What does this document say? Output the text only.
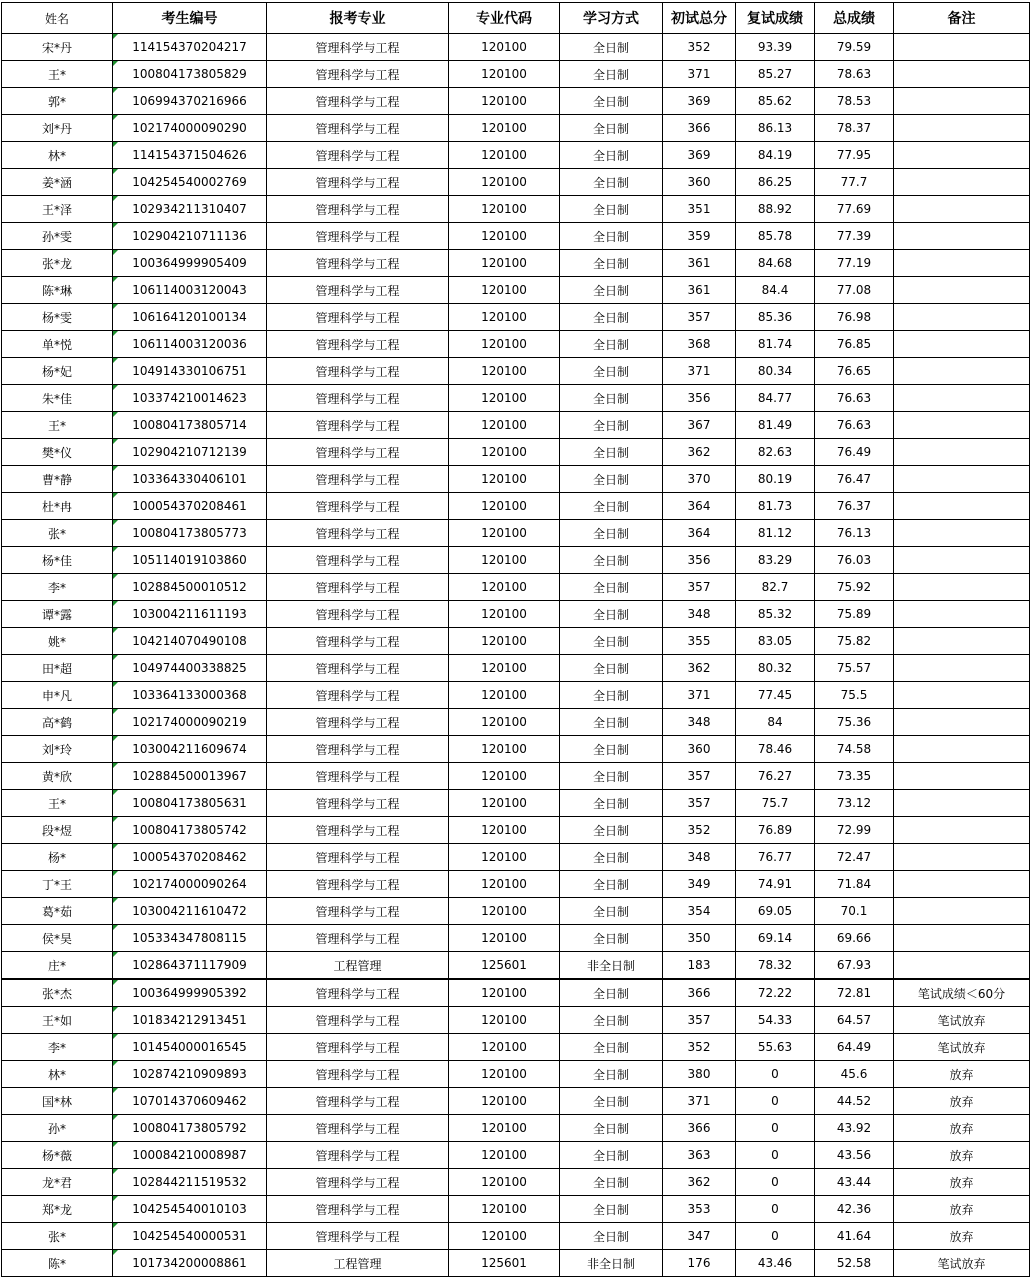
姓名	考生编号	报考专业	专业代码	学习方式	初试总分	复试成绩	总成绩	备注
宋*丹	114154370204217	管理科学与工程	120100	全日制	352	93.39	79.59	
王*	100804173805829	管理科学与工程	120100	全日制	371	85.27	78.63	
郭*	106994370216966	管理科学与工程	120100	全日制	369	85.62	78.53	
刘*丹	102174000090290	管理科学与工程	120100	全日制	366	86.13	78.37	
林*	114154371504626	管理科学与工程	120100	全日制	369	84.19	77.95	
姜*涵	104254540002769	管理科学与工程	120100	全日制	360	86.25	77.7	
王*泽	102934211310407	管理科学与工程	120100	全日制	351	88.92	77.69	
孙*雯	102904210711136	管理科学与工程	120100	全日制	359	85.78	77.39	
张*龙	100364999905409	管理科学与工程	120100	全日制	361	84.68	77.19	
陈*琳	106114003120043	管理科学与工程	120100	全日制	361	84.4	77.08	
杨*雯	106164120100134	管理科学与工程	120100	全日制	357	85.36	76.98	
单*悦	106114003120036	管理科学与工程	120100	全日制	368	81.74	76.85	
杨*妃	104914330106751	管理科学与工程	120100	全日制	371	80.34	76.65	
朱*佳	103374210014623	管理科学与工程	120100	全日制	356	84.77	76.63	
王*	100804173805714	管理科学与工程	120100	全日制	367	81.49	76.63	
樊*仪	102904210712139	管理科学与工程	120100	全日制	362	82.63	76.49	
曹*静	103364330406101	管理科学与工程	120100	全日制	370	80.19	76.47	
杜*冉	100054370208461	管理科学与工程	120100	全日制	364	81.73	76.37	
张*	100804173805773	管理科学与工程	120100	全日制	364	81.12	76.13	
杨*佳	105114019103860	管理科学与工程	120100	全日制	356	83.29	76.03	
李*	102884500010512	管理科学与工程	120100	全日制	357	82.7	75.92	
谭*露	103004211611193	管理科学与工程	120100	全日制	348	85.32	75.89	
姚*	104214070490108	管理科学与工程	120100	全日制	355	83.05	75.82	
田*超	104974400338825	管理科学与工程	120100	全日制	362	80.32	75.57	
申*凡	103364133000368	管理科学与工程	120100	全日制	371	77.45	75.5	
高*鹤	102174000090219	管理科学与工程	120100	全日制	348	84	75.36	
刘*玲	103004211609674	管理科学与工程	120100	全日制	360	78.46	74.58	
黄*欣	102884500013967	管理科学与工程	120100	全日制	357	76.27	73.35	
王*	100804173805631	管理科学与工程	120100	全日制	357	75.7	73.12	
段*煜	100804173805742	管理科学与工程	120100	全日制	352	76.89	72.99	
杨*	100054370208462	管理科学与工程	120100	全日制	348	76.77	72.47	
丁*王	102174000090264	管理科学与工程	120100	全日制	349	74.91	71.84	
葛*茹	103004211610472	管理科学与工程	120100	全日制	354	69.05	70.1	
侯*昊	105334347808115	管理科学与工程	120100	全日制	350	69.14	69.66	
庄*	102864371117909	工程管理	125601	非全日制	183	78.32	67.93	
张*杰	100364999905392	管理科学与工程	120100	全日制	366	72.22	72.81	笔试成绩＜60分
王*如	101834212913451	管理科学与工程	120100	全日制	357	54.33	64.57	笔试放弃
李*	101454000016545	管理科学与工程	120100	全日制	352	55.63	64.49	笔试放弃
林*	102874210909893	管理科学与工程	120100	全日制	380	0	45.6	放弃
国*林	107014370609462	管理科学与工程	120100	全日制	371	0	44.52	放弃
孙*	100804173805792	管理科学与工程	120100	全日制	366	0	43.92	放弃
杨*薇	100084210008987	管理科学与工程	120100	全日制	363	0	43.56	放弃
龙*君	102844211519532	管理科学与工程	120100	全日制	362	0	43.44	放弃
郑*龙	104254540010103	管理科学与工程	120100	全日制	353	0	42.36	放弃
张*	104254540000531	管理科学与工程	120100	全日制	347	0	41.64	放弃
陈*	101734200008861	工程管理	125601	非全日制	176	43.46	52.58	笔试放弃
